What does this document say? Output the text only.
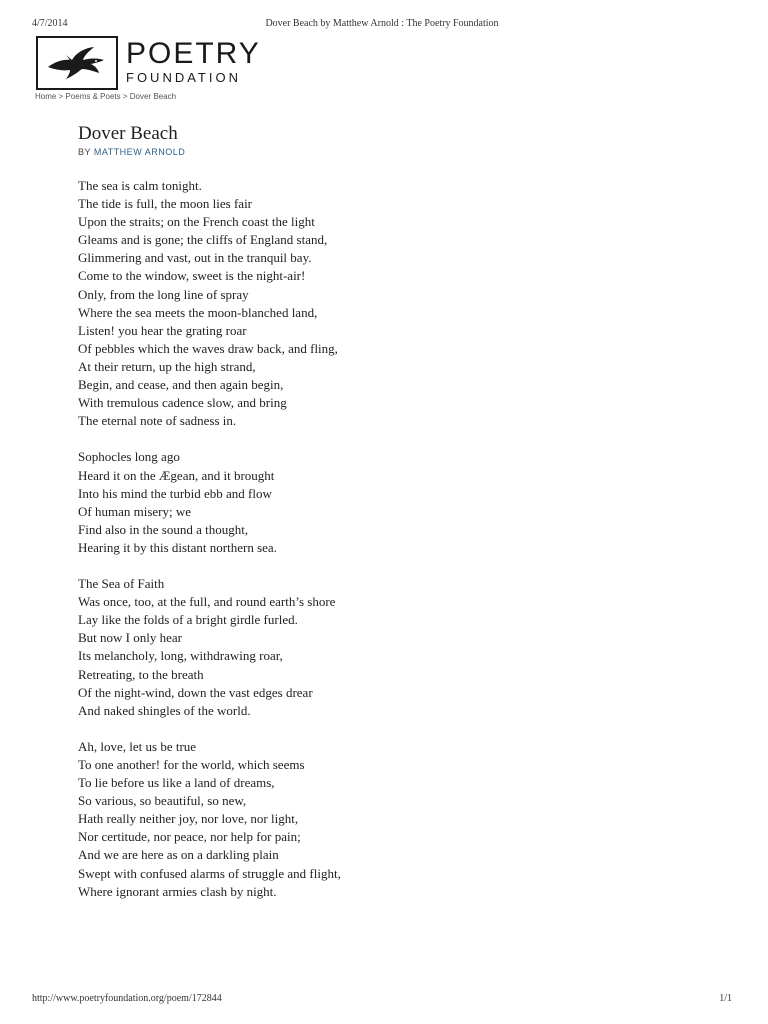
4/7/2014	Dover Beach by Matthew Arnold : The Poetry Foundation
POETRY
FOUNDATION
Home > Poems & Poets > Dover Beach
Dover Beach
BY MATTHEW ARNOLD
The sea is calm tonight.
The tide is full, the moon lies fair
Upon the straits; on the French coast the light
Gleams and is gone; the cliffs of England stand,
Glimmering and vast, out in the tranquil bay.
Come to the window, sweet is the night-air!
Only, from the long line of spray
Where the sea meets the moon-blanched land,
Listen! you hear the grating roar
Of pebbles which the waves draw back, and fling,
At their return, up the high strand,
Begin, and cease, and then again begin,
With tremulous cadence slow, and bring
The eternal note of sadness in.
Sophocles long ago
Heard it on the Ægean, and it brought
Into his mind the turbid ebb and flow
Of human misery; we
Find also in the sound a thought,
Hearing it by this distant northern sea.
The Sea of Faith
Was once, too, at the full, and round earth’s shore
Lay like the folds of a bright girdle furled.
But now I only hear
Its melancholy, long, withdrawing roar,
Retreating, to the breath
Of the night-wind, down the vast edges drear
And naked shingles of the world.
Ah, love, let us be true
To one another! for the world, which seems
To lie before us like a land of dreams,
So various, so beautiful, so new,
Hath really neither joy, nor love, nor light,
Nor certitude, nor peace, nor help for pain;
And we are here as on a darkling plain
Swept with confused alarms of struggle and flight,
Where ignorant armies clash by night.
http://www.poetryfoundation.org/poem/172844	1/1
